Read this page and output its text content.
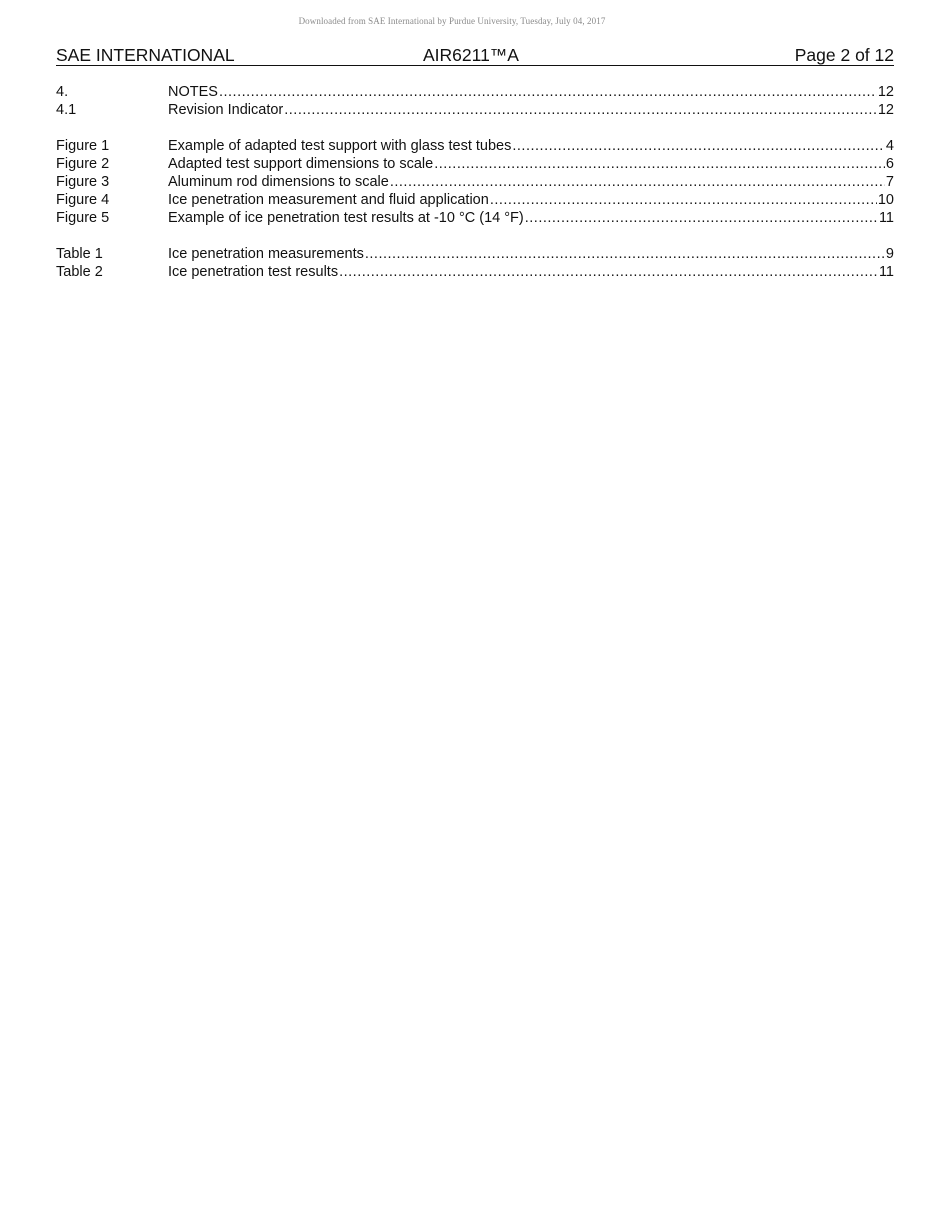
Downloaded from SAE International by Purdue University, Tuesday, July 04, 2017
SAE INTERNATIONAL	AIR6211™A	Page 2 of 12
4.	NOTES .....	12
4.1	Revision Indicator .....	12
Figure 1	Example of adapted test support with glass test tubes .....	4
Figure 2	Adapted test support dimensions to scale .....	6
Figure 3	Aluminum rod dimensions to scale .....	7
Figure 4	Ice penetration measurement and fluid application .....	10
Figure 5	Example of ice penetration test results at -10 °C (14 °F) .....	11
Table 1	Ice penetration measurements .....	9
Table 2	Ice penetration test results .....	11
